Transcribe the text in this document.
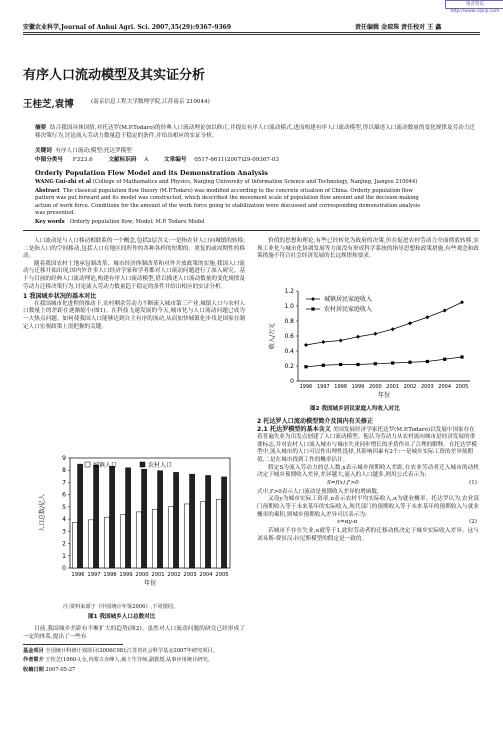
维普资讯 http://www.cqvip.com
安徽农业科学,Journal of Anhui Agri. Sci. 2007,35(29):9367-9369	责任编辑 金琼珠 责任校对 王 鑫
有序人口流动模型及其实证分析
王桂芝,袁博	(南京信息工程大学数理学院,江苏南京 210044)
摘要 结合我国具体国情,对托达罗(M.P.Todaro)的经典人口流动理论加以修正,并提出有序人口流动模式,进而构建有序人口流动模型,得以描述人口流动数量的变化规律及劳动力迁移决策行为,讨论流入劳动力数量趋于稳定的条件,并给出相应的实证分析。
关键词 有序人口流动;模型;托达罗模型
中图分类号 F323.6	文献标识码 A	文章编号 0517-6611(2007)29-09367-03
Orderly Population Flow Model and its Demonstration Analysis
WANG Gui-zhi et al (College of Mathematics and Physics, Nanjing University of Information Science and Technology, Nanjing, Jiangsu 210044)
Abstract The classical population flow theory (M.P.Todaro) was modified according to the concrete situation of China. Orderly population flow
pattern was put forward and its model was constructed, which described the movement scale of population flow amount and the decision-making
action of work force. Conditions for the amount of the work force going to stabilization were discussed and corresponding demonstration analysis
was presented.
Key words Orderly population flow; Model; M.P. Todaro Model

人口流动是与人口移动相联系的一个概念,包括2层含义:一是指农业人口向城镇的转移;二是指人口的空间移动,包括人口在地区间所作的各种各样的短期的、重复的或周期性的移动。

随着我国农村土地承包制改革、城市经济体制改革和对外开放政策的实施,我国人口流动与迁移开始出现,国内外许多人口经济学家和学者都对人口流动问题进行了深入研究。基于与目前的经典人口流动理论,构建有序人口流动模型,借以描述人口流动数量的变化规律及劳动力迁移决策行为,讨论流入劳动力数量趋于稳定的条件并给出相应的实证分析。

1 我国城乡状况的基本对比

在我国城市化进程的推动下,农村剩余劳动力不断流入城市第三产业,城镇人口与农村人口数量上的差距在逐渐缩小(图1)。在科技飞速发展的今天,城市化与人口流动问题已成为一大热点问题。如何使我国人口能够达到自主有序的流动,从而加快城镇化步伐是国家在制定人口宏观政策上需把握的关键。

0
1
2
3
4
5
6
7
8
9
1996 1997 1998 1999 2000 2001 2002 2003 2004 2005
城镇人口	农村人口
年份
人口总数/亿人
注:资料来源于《中国统计年鉴2006》,下同图同。
图1 我国城乡人口总数对比

目前,我国城乡差距有不断扩大的趋势(图2)。虽然对人口流动问题的研究已经形成了一定的体系,提出了一些有

基金项目 全国统计科研计划项目(2006C08);江苏省社会科学基金2007年研究项目。
作者简介 王桂芝(1960-),女,内蒙古赤峰人,硕士生导师,副教授,从事应用统计研究。
收稿日期 2007-05-27

价值的思想和理论,有些已经转化为政府的决策,但在促进农村劳动力全面彻底转移,实现工业化与城市化协调发展等方面没有形成科学系统的指导思想和政策措施,有些观念和政策措施不符合社会经济发展的长远规律和要求。

0
0.2
0.4
0.6
0.8
1.0
1.2
1996 1997 1998 1999 2000 2001 2002 2003 2004 2005
城镇居民家庭收入
农村居民家庭收入
年份
收入/万元
图2 我国城乡居民家庭人均收入对比
2 托达罗人口流动模型简介及国内有关修正
2.1 托达罗模型的基本含义 美国发展经济学家托达罗(M.P.Todaro)以发展中国家存在着普遍失业为出发点创建了人口流动模型。他认为劳动力从农村流向城市是经济发展的重要标志,并对农村人口流入城市与城市失业同步增长的矛盾作出了合理的解释。在托达罗模型中,流入城市的人口可以作出理性选择,其影响因素有2个:一是城乡实际工资的差异预期值,二是在城市找到工作的概率估计。

假定S为流入劳动力的总人数,x表示城乡预期收入差距,在农业劳动者迁入城市的动机决定于城乡预期收入差异,差异越大,流入的人口越多,则用公式表示为:

S=f(x),f'>0	(1)

式中,f'>0表示人口流动是预期收入差异的增函数。

又设y为城市实际工资率,π表示农村平均实际收入,α为就业概率。托达罗认为,农业部门预期收入等于未来某年的实际收入,现代部门的预期收入等于未来某年的预期收入与就业概率的乘积,则城乡预期收入差异可以表示为:

x=αy-π	(2)

若城市不存在失业,α就等于1,此时劳动者的迁移动机决定于城乡实际收入差异。这与刘易斯-费景汉-拉尼斯模型的假定是一致的。
